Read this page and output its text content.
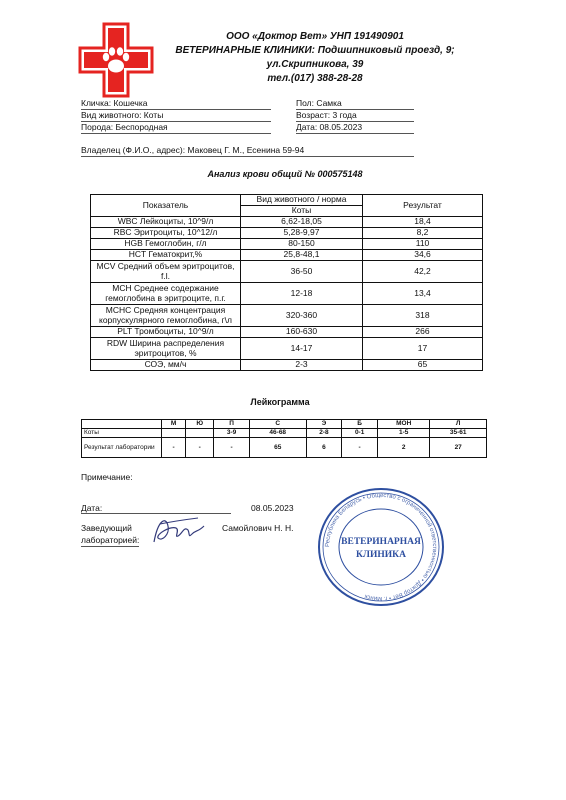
ООО «Доктор Вет» УНП 191490901
ВЕТЕРИНАРНЫЕ КЛИНИКИ: Подшипниковый проезд, 9;
ул.Скрипникова, 39
тел.(017) 388-28-28
Кличка: Кошечка	Пол: Самка
Вид животного: Коты	Возраст: 3 года
Порода: Беспородная	Дата: 08.05.2023
Владелец (Ф.И.О., адрес): Маковец Г. М., Есенина 59-94
Анализ крови общий № 000575148
Показатель	Вид животного / норма	Результат
	Коты	
WBC Лейкоциты, 10^9/л	6,62-18,05	18,4
RBC Эритроциты, 10^12/л	5,28-9,97	8,2
HGB Гемоглобин, г/л	80-150	110
HCT Гематокрит,%	25,8-48,1	34,6
MCV Средний объем эритроцитов, f.l.	36-50	42,2
MCH Среднее содержание гемоглобина в эритроците, п.г.	12-18	13,4
MCHC Средняя концентрация корпускулярного гемоглобина, г\л	320-360	318
PLT Тромбоциты, 10^9/л	160-630	266
RDW Ширина распределения эритроцитов, %	14-17	17
СОЭ, мм/ч	2-3	65
Лейкограмма
	М	Ю	П	С	Э	Б	МОН	Л
Коты			3-9	46-68	2-8	0-1	1-5	35-61
Результат лаборатории	-	-	-	65	6	-	2	27
Примечание:
Дата:	08.05.2023
Заведующий
лабораторией:
Самойлович Н. Н.
Республика Беларусь • Общество с ограниченной ответственностью • Доктор Вет • г. Минск
ВЕТЕРИНАРНАЯ
КЛИНИКА
